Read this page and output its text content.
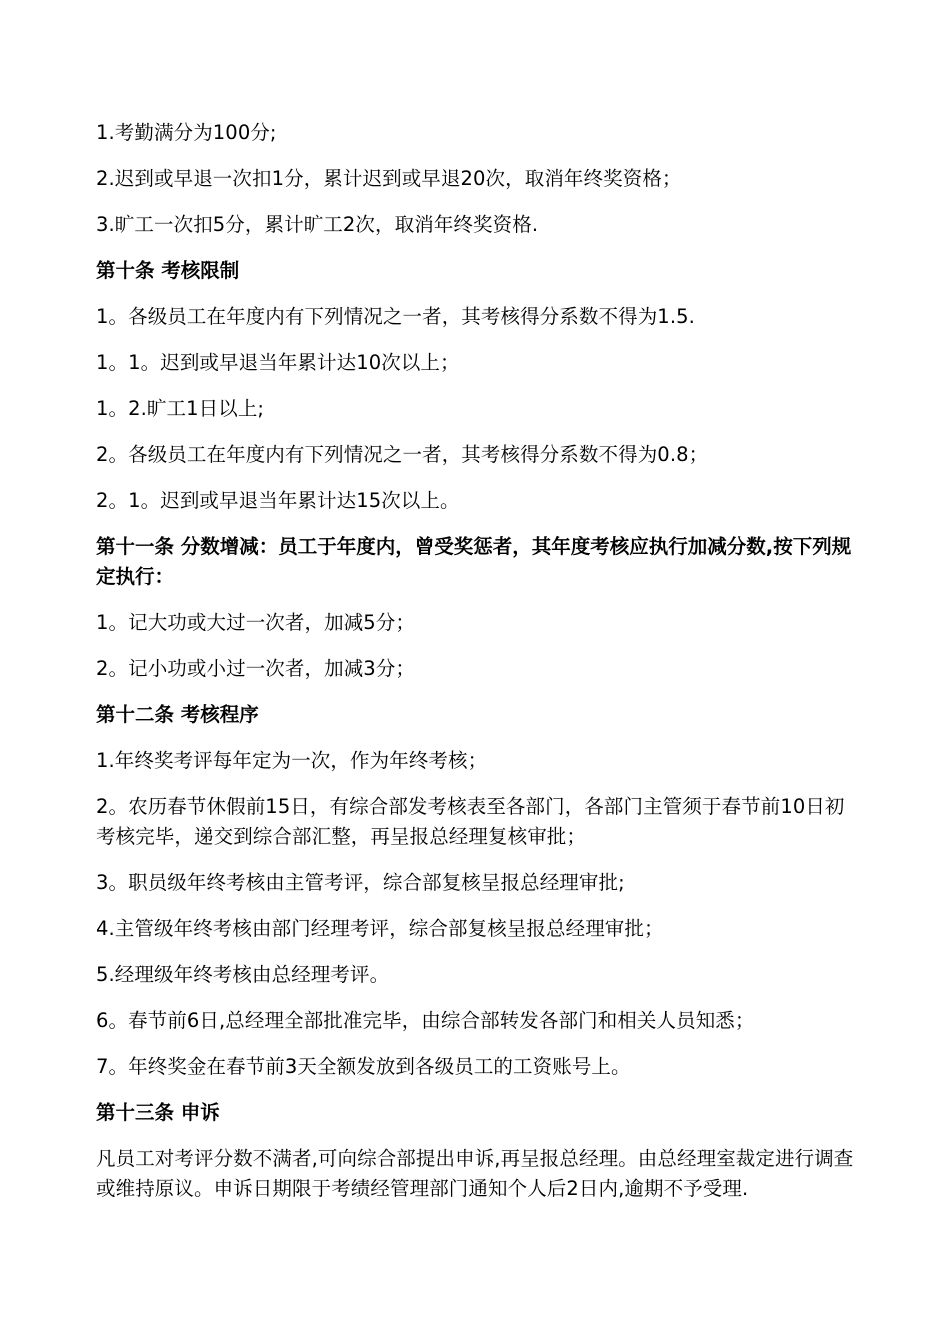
1.考勤满分为100分;

2.迟到或早退一次扣1分，累计迟到或早退20次，取消年终奖资格；

3.旷工一次扣5分，累计旷工2次，取消年终奖资格.

第十条 考核限制

1。各级员工在年度内有下列情况之一者，其考核得分系数不得为1.5.

1。1。迟到或早退当年累计达10次以上；

1。2.旷工1日以上;

2。各级员工在年度内有下列情况之一者，其考核得分系数不得为0.8；

2。1。迟到或早退当年累计达15次以上。

第十一条 分数增减：员工于年度内，曾受奖惩者，其年度考核应执行加减分数,按下列规定执行：

1。记大功或大过一次者，加减5分；

2。记小功或小过一次者，加减3分；

第十二条 考核程序

1.年终奖考评每年定为一次，作为年终考核；

2。农历春节休假前15日，有综合部发考核表至各部门，各部门主管须于春节前10日初考核完毕，递交到综合部汇整，再呈报总经理复核审批；

3。职员级年终考核由主管考评，综合部复核呈报总经理审批;

4.主管级年终考核由部门经理考评，综合部复核呈报总经理审批；

5.经理级年终考核由总经理考评。

6。春节前6日,总经理全部批准完毕，由综合部转发各部门和相关人员知悉；

7。年终奖金在春节前3天全额发放到各级员工的工资账号上。

第十三条 申诉

凡员工对考评分数不满者,可向综合部提出申诉,再呈报总经理。由总经理室裁定进行调查或维持原议。申诉日期限于考绩经管理部门通知个人后2日内,逾期不予受理.
